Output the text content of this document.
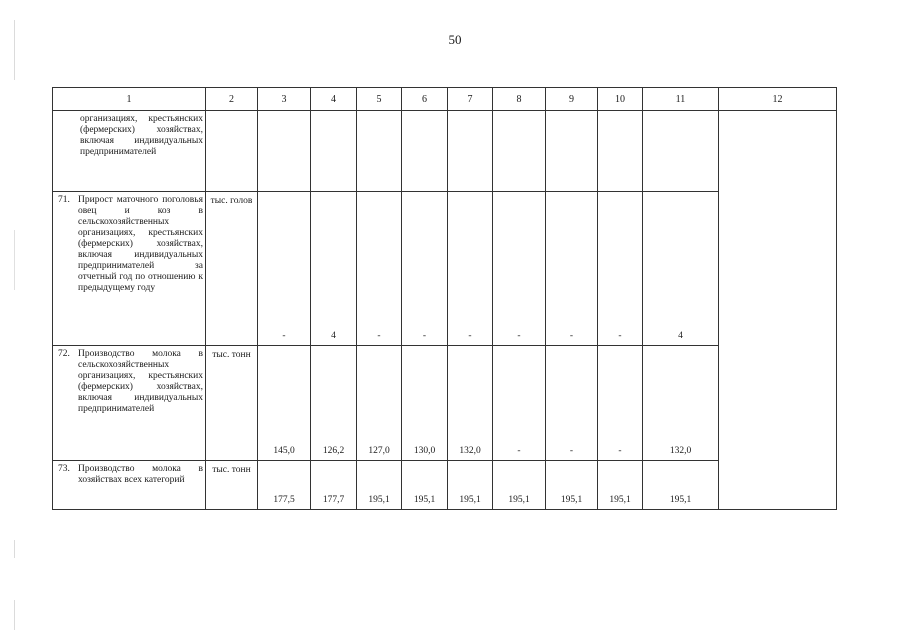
50
1	2	3	4	5	6	7	8	9	10	11	12

организациях, крестьянских (фермерских) хозяйствах, включая индивидуальных предпринимателей											

71. Прирост маточного поголовья овец и коз в сельскохозяйственных организациях, крестьянских (фермерских) хозяйствах, включая индивидуальных предпринимателей за отчетный год по отношению к предыдущему году	тыс. голов	-	4	-	-	-	-	-	-	4	

72. Производство молока в сельскохозяйственных организациях, крестьянских (фермерских) хозяйствах, включая индивидуальных предпринимателей	тыс. тонн	145,0	126,2	127,0	130,0	132,0	-	-	-	132,0	

73. Производство молока в хозяйствах всех категорий	тыс. тонн	177,5	177,7	195,1	195,1	195,1	195,1	195,1	195,1	195,1	
